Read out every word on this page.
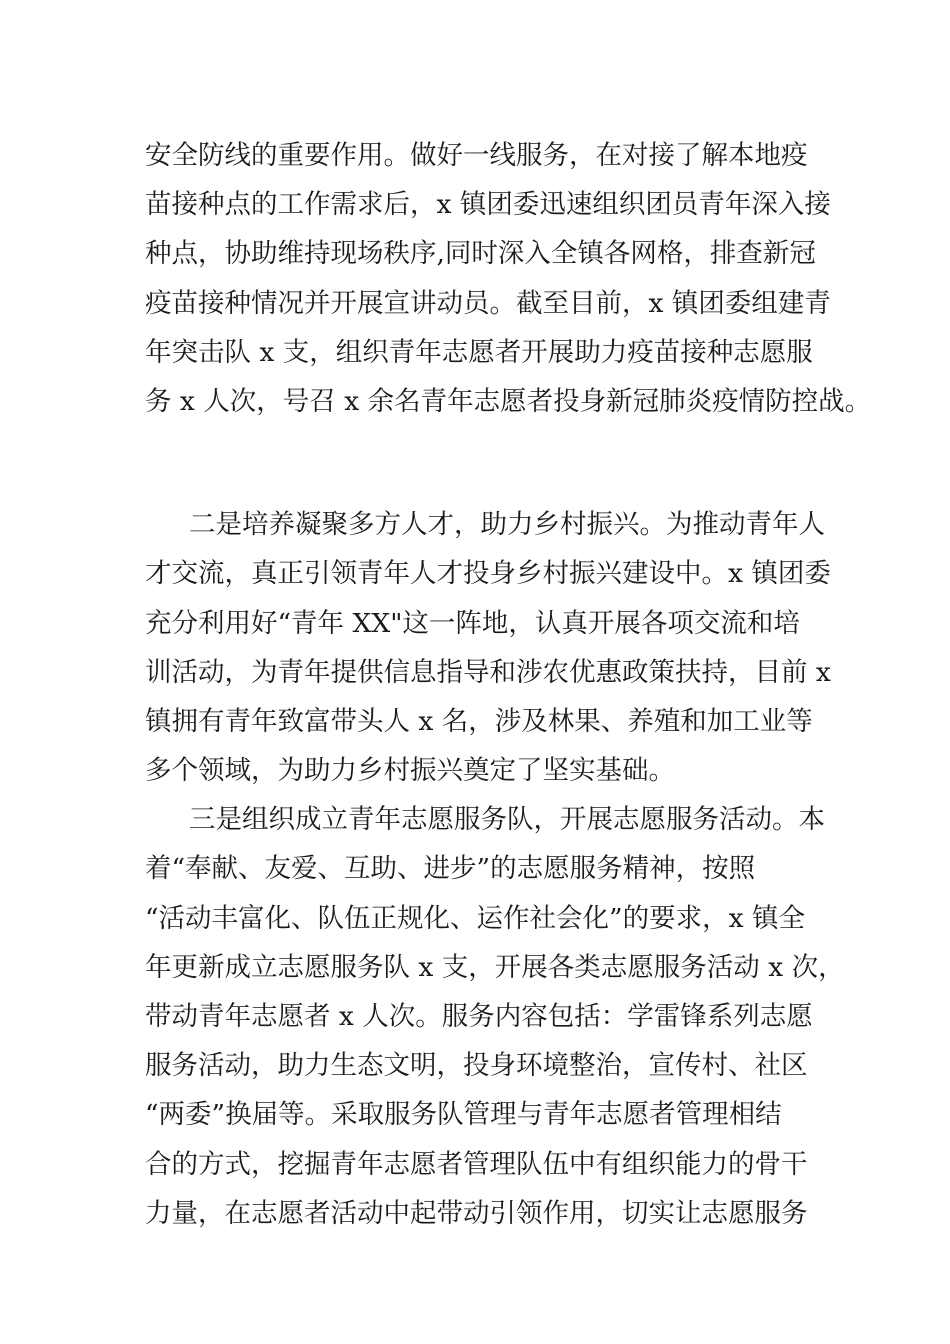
安全防线的重要作用。做好一线服务，在对接了解本地疫
苗接种点的工作需求后，x 镇团委迅速组织团员青年深入接
种点，协助维持现场秩序,同时深入全镇各网格，排查新冠
疫苗接种情况并开展宣讲动员。截至目前，x 镇团委组建青
年突击队 x 支，组织青年志愿者开展助力疫苗接种志愿服
务 x 人次，号召 x 余名青年志愿者投身新冠肺炎疫情防控战。
二是培养凝聚多方人才，助力乡村振兴。为推动青年人
才交流，真正引领青年人才投身乡村振兴建设中。x 镇团委
充分利用好“青年 XX"这一阵地，认真开展各项交流和培
训活动，为青年提供信息指导和涉农优惠政策扶持，目前 x
镇拥有青年致富带头人 x 名，涉及林果、养殖和加工业等
多个领域，为助力乡村振兴奠定了坚实基础。
三是组织成立青年志愿服务队，开展志愿服务活动。本
着“奉献、友爱、互助、进步”的志愿服务精神，按照
“活动丰富化、队伍正规化、运作社会化”的要求，x 镇全
年更新成立志愿服务队 x 支，开展各类志愿服务活动 x 次，
带动青年志愿者 x 人次。服务内容包括：学雷锋系列志愿
服务活动，助力生态文明，投身环境整治，宣传村、社区
“两委”换届等。采取服务队管理与青年志愿者管理相结
合的方式，挖掘青年志愿者管理队伍中有组织能力的骨干
力量，在志愿者活动中起带动引领作用，切实让志愿服务
